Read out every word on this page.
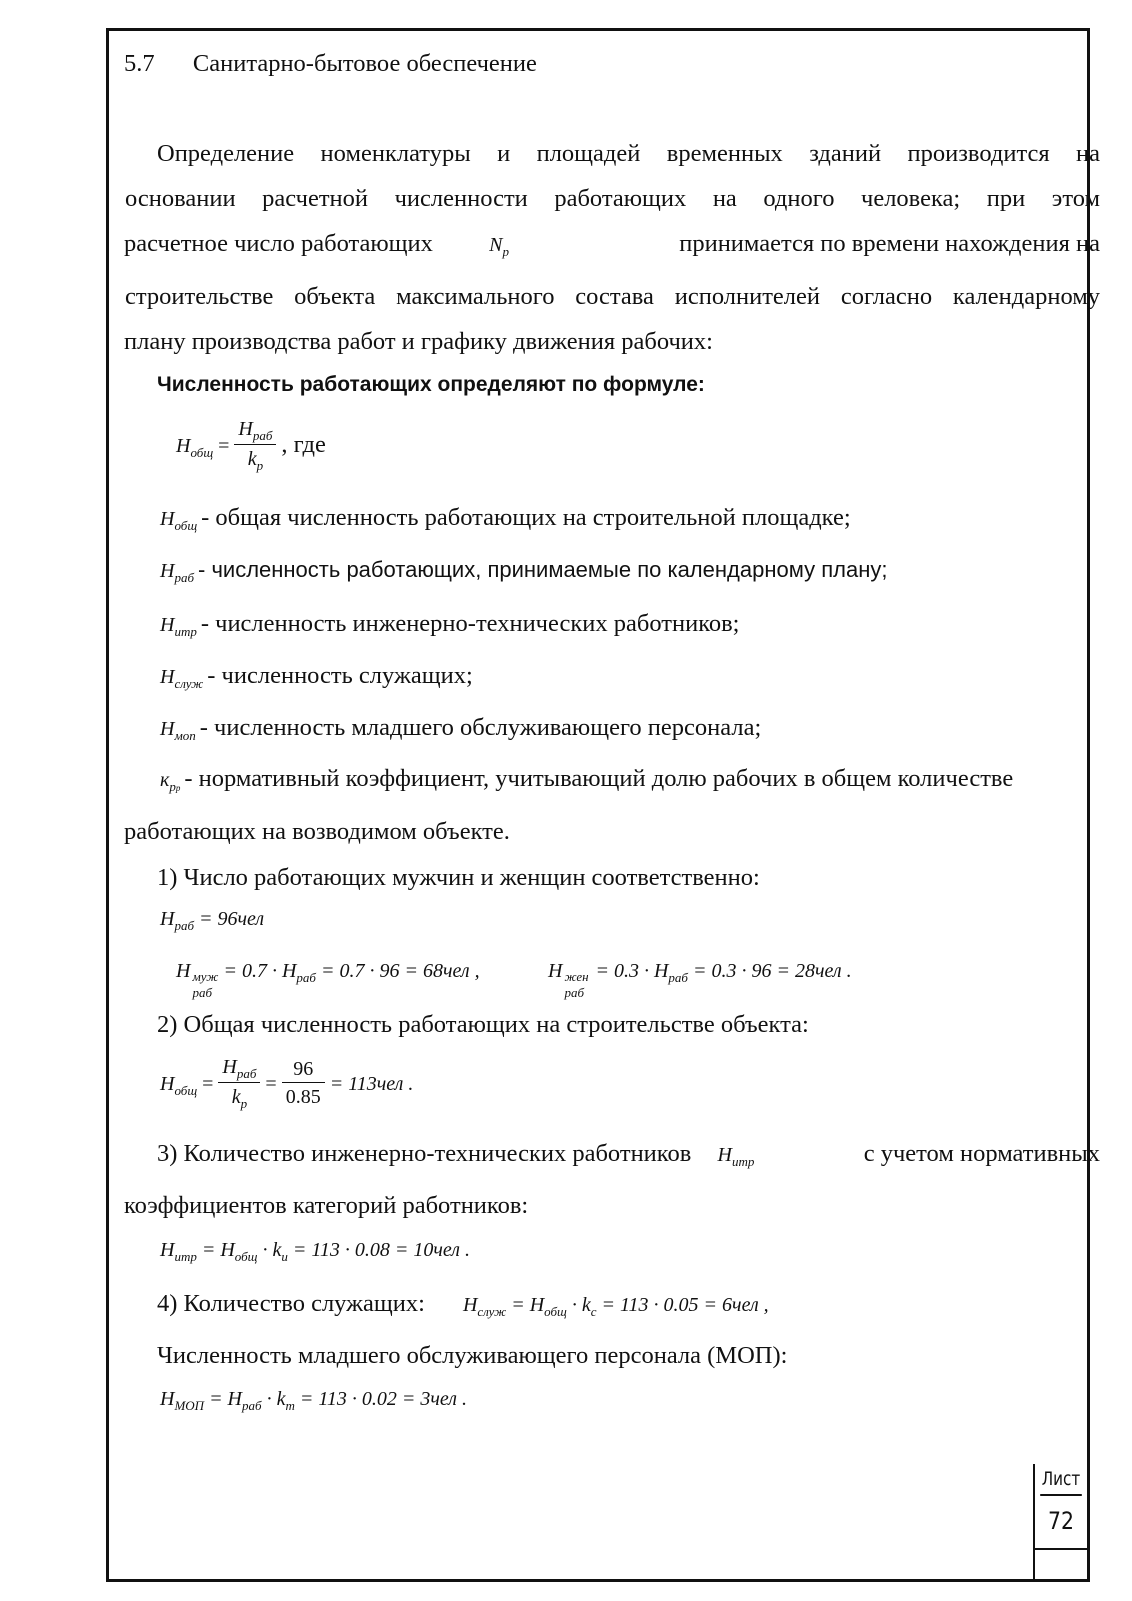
5.7 Санитарно-бытовое обеспечение
Определение номенклатуры и площадей временных зданий производится на
основании расчетной численности работающих на одного человека; при этом
расчетное число работающих	$N_р$	принимается по времени нахождения на
строительстве объекта максимального состава исполнителей согласно календарному
плану производства работ и графику движения рабочих:
Численность работающих определяют по формуле:
$Н_{общ} = \frac{Н_{раб}}{k_р}$ , где
$Н_{общ}$ - общая численность работающих на строительной площадке;
$Н_{раб}$ - численность работающих, принимаемые по календарному плану;
$Н_{итр}$ - численность инженерно-технических работников;
$Н_{служ}$ - численность служащих;
$Н_{моп}$ - численность младшего обслуживающего персонала;
$к_{рр}$ - нормативный коэффициент, учитывающий долю рабочих в общем количестве
работающих на возводимом объекте.
1) Число работающих мужчин и женщин соответственно:
$Н_{раб} = 96чел$
Н муж
раб
= $0.7 \cdot Н_{раб} = 0.7 \cdot 96 = 68чел$ ,	Н жен
раб
= $0.3 \cdot Н_{раб} = 0.3 \cdot 96 = 28чел$ .
2) Общая численность работающих на строительстве объекта:
$Н_{общ} = \frac{Н_{раб}}{k_р} = \frac{96}{0.85} = 113чел$ .
3) Количество инженерно-технических работников $Н_{итр}$	с учетом нормативных
коэффициентов категорий работников:
$Н_{итр} = Н_{общ} \cdot k_и = 113 \cdot 0.08 = 10чел$ .
4) Количество служащих: $Н_{служ} = Н_{общ} \cdot k_с = 113 \cdot 0.05 = 6чел$ ,
Численность младшего обслуживающего персонала (МОП):
$Н_{МОП} = Н_{раб} \cdot k_т = 113 \cdot 0.02 = 3чел$ .
Лист
72
